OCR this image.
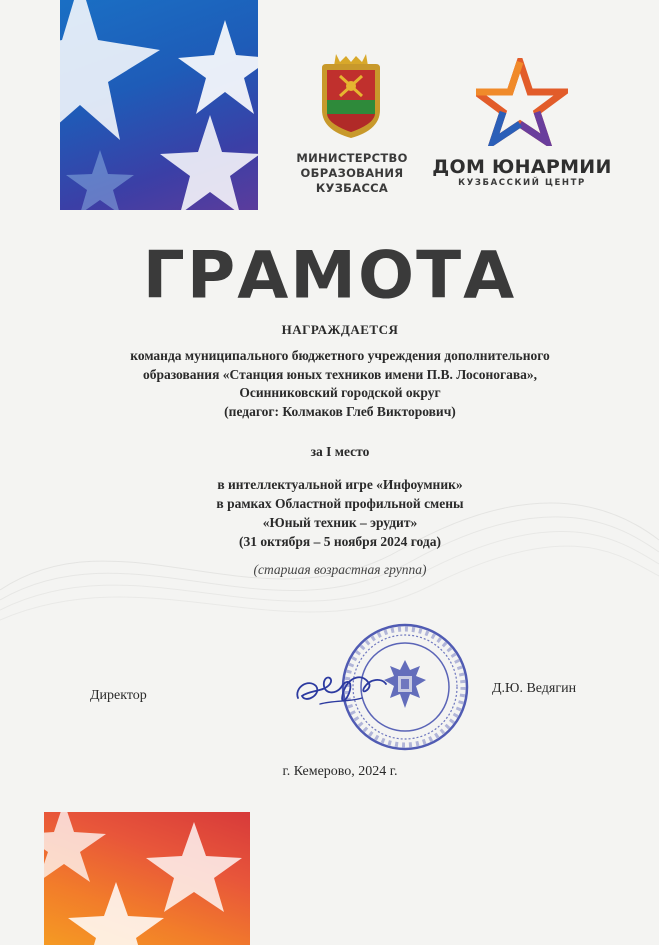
МИНИСТЕРСТВО
ОБРАЗОВАНИЯ
КУЗБАССА
ДОМ ЮНАРМИИ
КУЗБАССКИЙ ЦЕНТР
ГРАМОТА
НАГРАЖДАЕТСЯ
команда муниципального бюджетного учреждения дополнительного
образования «Станция юных техников имени П.В. Лосоногава»,
Осинниковский городской округ
(педагог: Колмаков Глеб Викторович)
за I место
в интеллектуальной игре «Инфоумник»
в рамках Областной профильной смены
«Юный техник – эрудит»
(31 октября – 5 ноября 2024 года)
(старшая возрастная группа)
Директор	Д.Ю. Ведягин
г. Кемерово, 2024 г.
